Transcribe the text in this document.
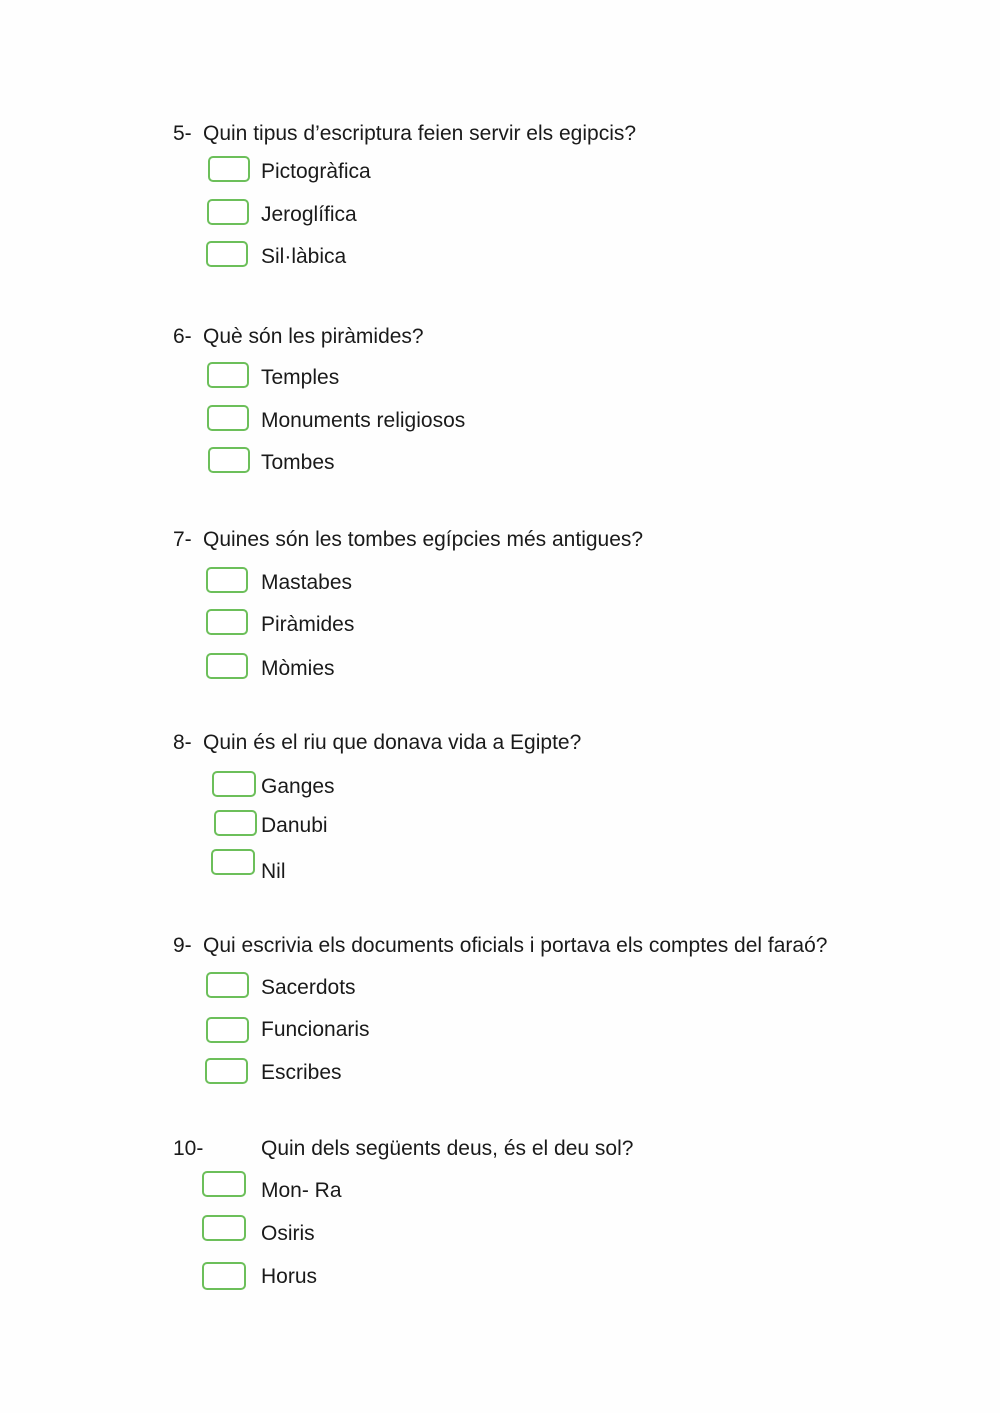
5- Quin tipus d’escriptura feien servir els egipcis?
Pictogràfica
Jeroglífica
Sil·làbica
6- Què són les piràmides?
Temples
Monuments religiosos
Tombes
7- Quines són les tombes egípcies més antigues?
Mastabes
Piràmides
Mòmies
8- Quin és el riu que donava vida a Egipte?
Ganges
Danubi
Nil
9- Qui escrivia els documents oficials i portava els comptes del faraó?
Sacerdots
Funcionaris
Escribes
10-	Quin dels següents deus, és el deu sol?
Mon- Ra
Osiris
Horus
